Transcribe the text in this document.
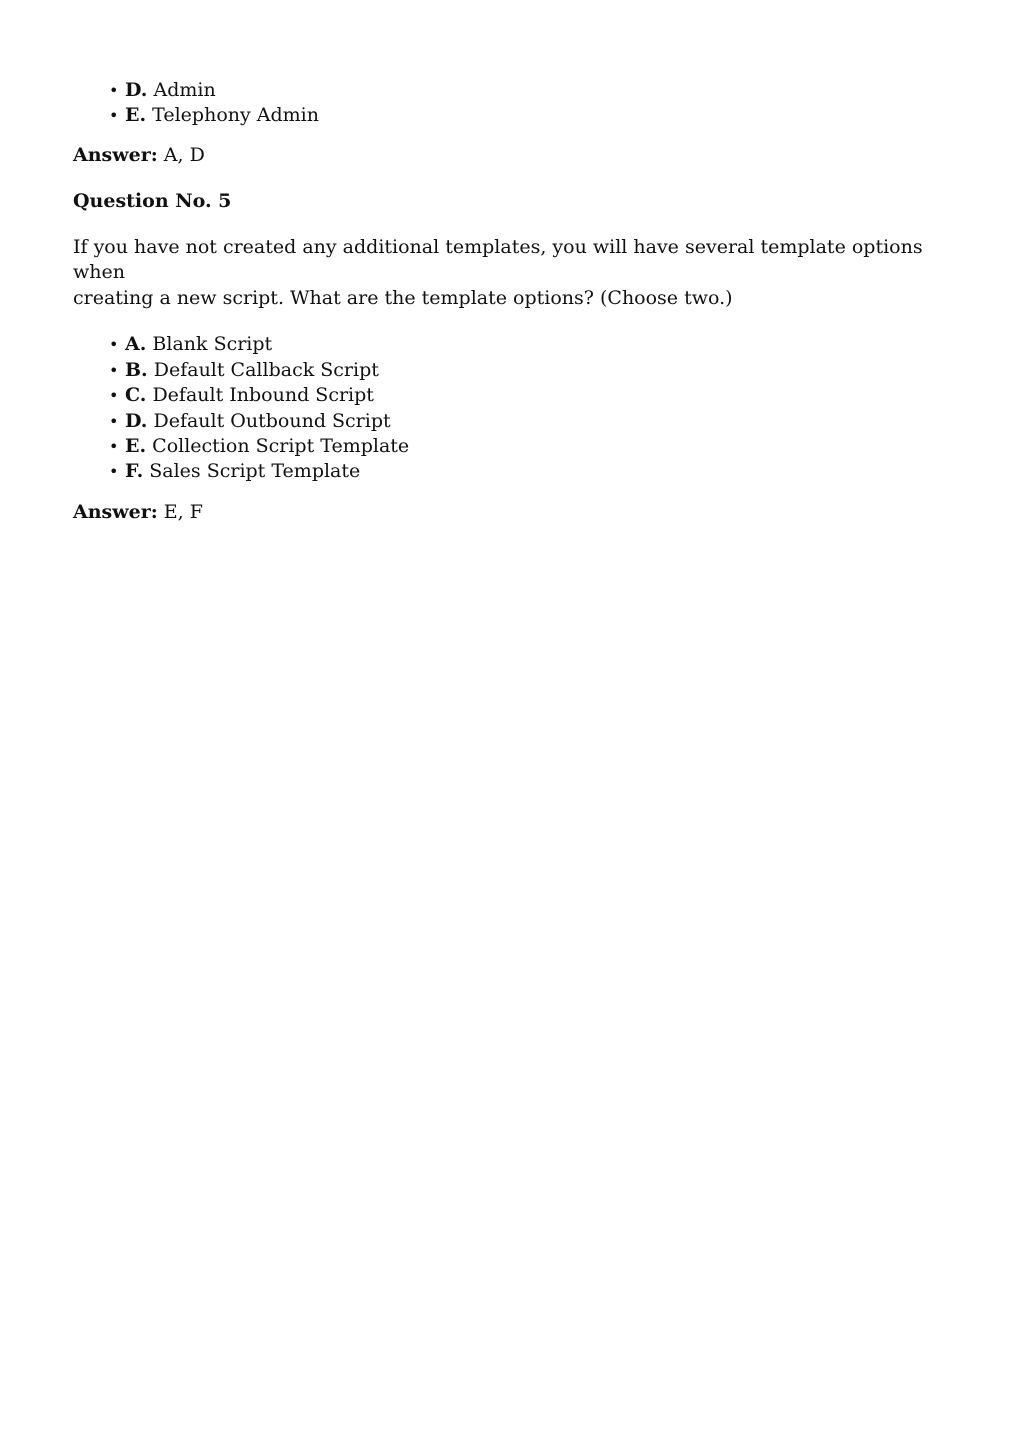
• D. Admin
• E. Telephony Admin

Answer: A, D

Question No. 5

If you have not created any additional templates, you will have several template options when
creating a new script. What are the template options? (Choose two.)

• A. Blank Script
• B. Default Callback Script
• C. Default Inbound Script
• D. Default Outbound Script
• E. Collection Script Template
• F. Sales Script Template

Answer: E, F
